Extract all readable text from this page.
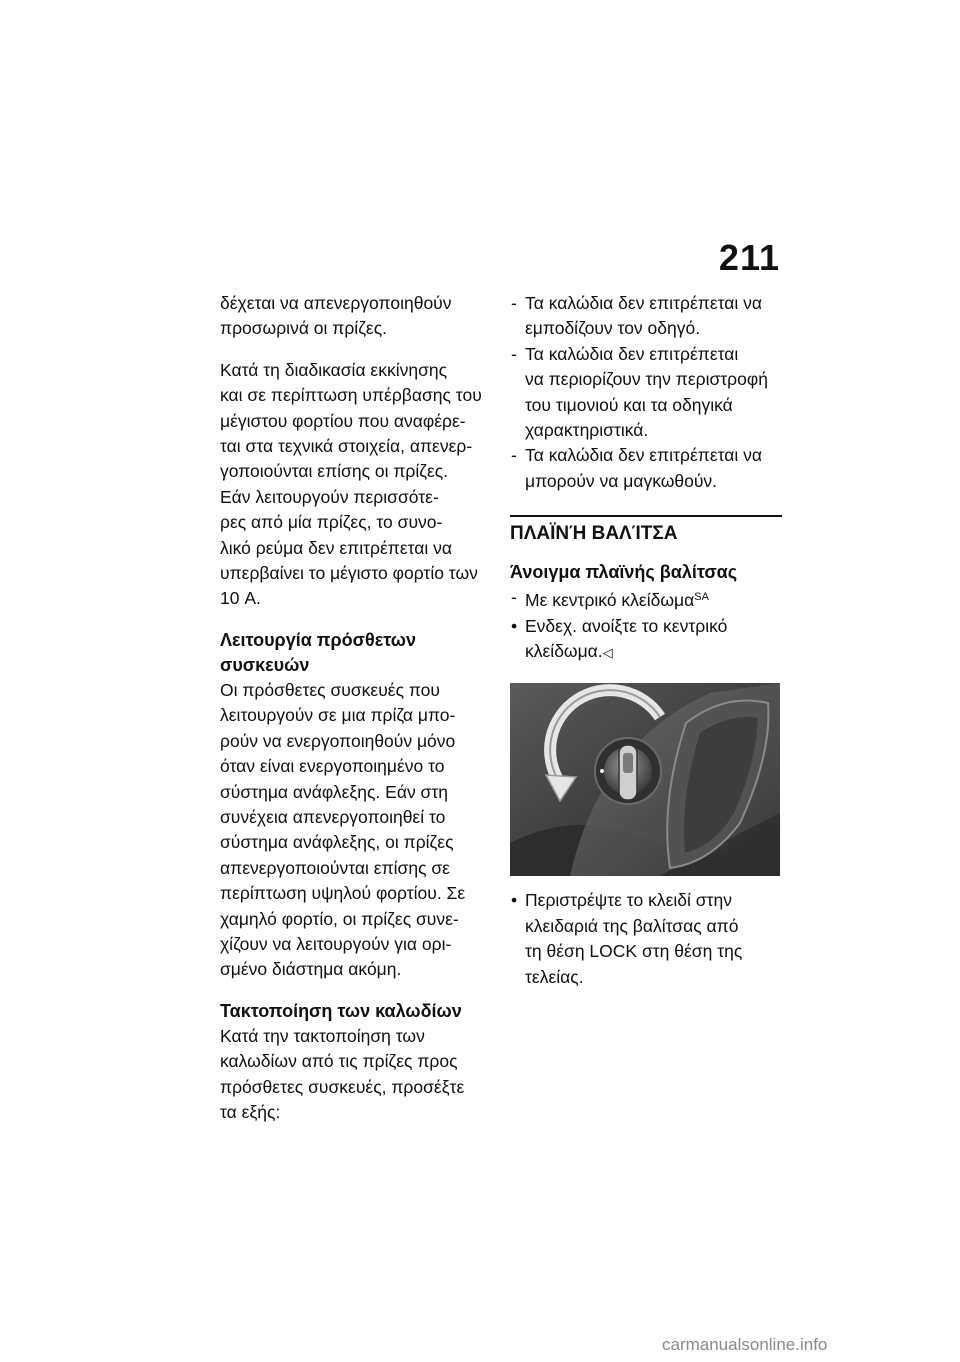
211

δέχεται να απενεργοποιηθούν
προσωρινά οι πρίζες.

Κατά τη διαδικασία εκκίνησης
και σε περίπτωση υπέρβασης του
μέγιστου φορτίου που αναφέρε-
ται στα τεχνικά στοιχεία, απενερ-
γοποιούνται επίσης οι πρίζες.
Εάν λειτουργούν περισσότε-
ρες από μία πρίζες, το συνο-
λικό ρεύμα δεν επιτρέπεται να
υπερβαίνει το μέγιστο φορτίο των
10 A.

Λειτουργία πρόσθετων
συσκευών

Οι πρόσθετες συσκευές που
λειτουργούν σε μια πρίζα μπο-
ρούν να ενεργοποιηθούν μόνο
όταν είναι ενεργοποιημένο το
σύστημα ανάφλεξης. Εάν στη
συνέχεια απενεργοποιηθεί το
σύστημα ανάφλεξης, οι πρίζες
απενεργοποιούνται επίσης σε
περίπτωση υψηλού φορτίου. Σε
χαμηλό φορτίο, οι πρίζες συνε-
χίζουν να λειτουργούν για ορι-
σμένο διάστημα ακόμη.

Τακτοποίηση των καλωδίων

Κατά την τακτοποίηση των
καλωδίων από τις πρίζες προς
πρόσθετες συσκευές, προσέξτε
τα εξής:

- Τα καλώδια δεν επιτρέπεται να
εμποδίζουν τον οδηγό.
- Τα καλώδια δεν επιτρέπεται
να περιορίζουν την περιστροφή
του τιμονιού και τα οδηγικά
χαρακτηριστικά.
- Τα καλώδια δεν επιτρέπεται να
μπορούν να μαγκωθούν.
ΠΛΑΪΝΉ ΒΑΛΊΤΣΑ
Άνοιγμα πλαϊνής βαλίτσας
- Με κεντρικό κλείδωμα$^{SA}$
• Ενδεχ. ανοίξτε το κεντρικό
κλείδωμα.◁
• Περιστρέψτε το κλειδί στην
κλειδαριά της βαλίτσας από
τη θέση LOCK στη θέση της
τελείας.
carmanualsonline.info
